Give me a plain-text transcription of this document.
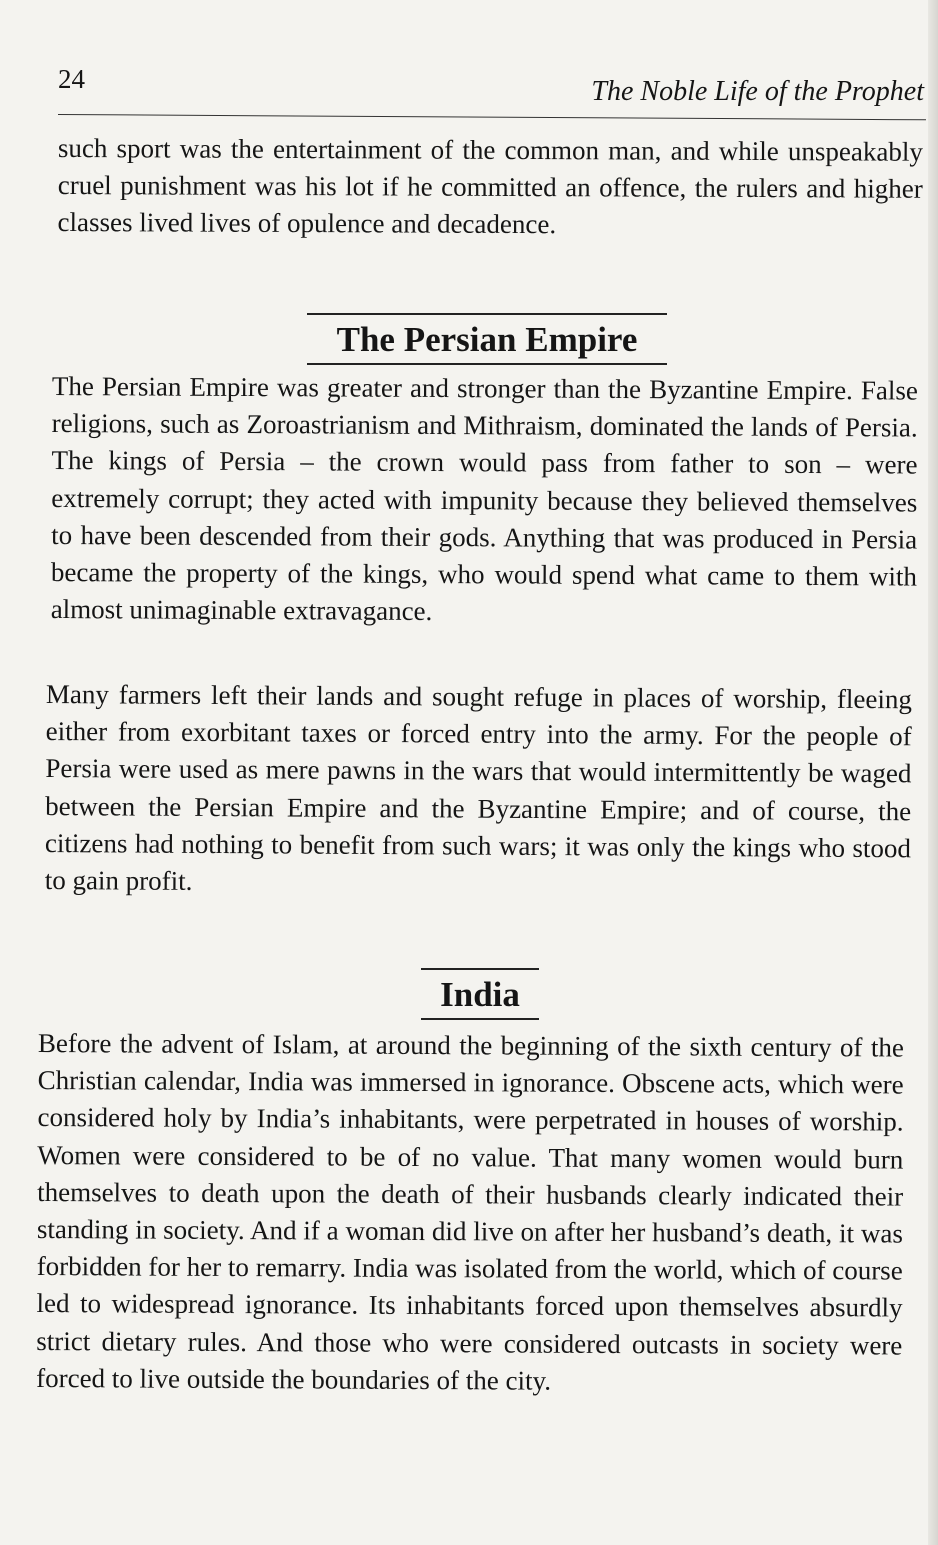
24	The Noble Life of the Prophet

such sport was the entertainment of the common man, and while unspeakably cruel punishment was his lot if he committed an offence, the rulers and higher classes lived lives of opulence and decadence.

The Persian Empire

The Persian Empire was greater and stronger than the Byzantine Empire. False religions, such as Zoroastrianism and Mithraism, dominated the lands of Persia. The kings of Persia – the crown would pass from father to son – were extremely corrupt; they acted with impunity because they believed themselves to have been descended from their gods. Anything that was produced in Persia became the property of the kings, who would spend what came to them with almost unimaginable extravagance.

Many farmers left their lands and sought refuge in places of worship, fleeing either from exorbitant taxes or forced entry into the army. For the people of Persia were used as mere pawns in the wars that would intermittently be waged between the Persian Empire and the Byzantine Empire; and of course, the citizens had nothing to benefit from such wars; it was only the kings who stood to gain profit.

India

Before the advent of Islam, at around the beginning of the sixth century of the Christian calendar, India was immersed in ignorance. Obscene acts, which were considered holy by India’s inhabitants, were perpetrated in houses of worship. Women were considered to be of no value. That many women would burn themselves to death upon the death of their husbands clearly indicated their standing in society. And if a woman did live on after her husband’s death, it was forbidden for her to remarry. India was isolated from the world, which of course led to widespread ignorance. Its inhabitants forced upon themselves absurdly strict dietary rules. And those who were considered outcasts in society were forced to live outside the boundaries of the city.
